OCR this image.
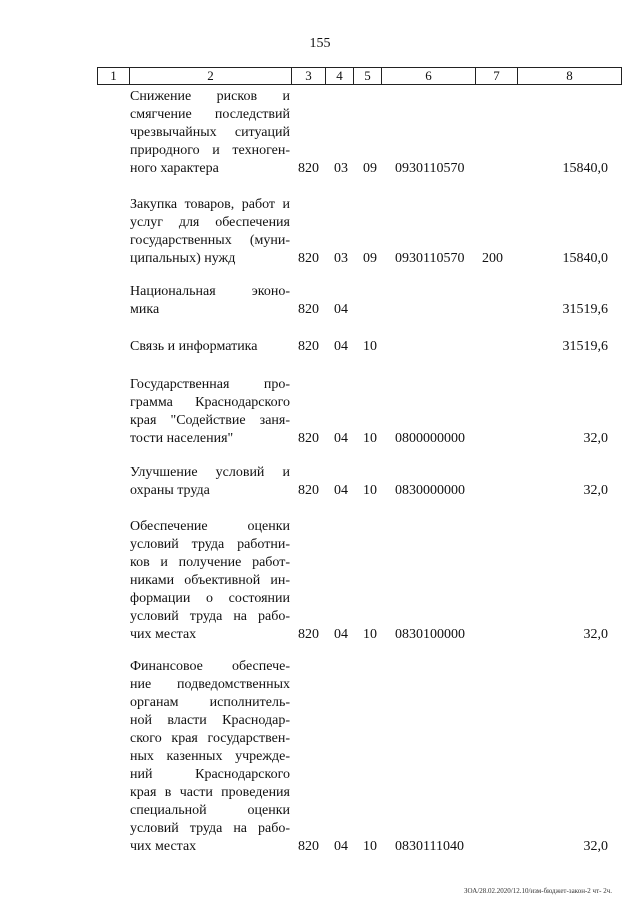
155
1	2	3	4	5	6	7	8
Снижение рисков и
смягчение последствий
чрезвычайных ситуаций
природного и техноген-
ного характера	820 03 09 0930110570	15840,0
Закупка товаров, работ и
услуг для обеспечения
государственных (муни-
ципальных) нужд	820 03 09 0930110570 200	15840,0
Национальная эконо-
мика	820 04	31519,6
Связь и информатика	820 04 10	31519,6
Государственная про-
грамма Краснодарского
края "Содействие заня-
тости населения"	820 04 10 0800000000	32,0
Улучшение условий и
охраны труда	820 04 10 0830000000	32,0
Обеспечение оценки
условий труда работни-
ков и получение работ-
никами объективной ин-
формации о состоянии
условий труда на рабо-
чих местах	820 04 10 0830100000	32,0
Финансовое обеспече-
ние подведомственных
органам исполнитель-
ной власти Краснодар-
ского края государствен-
ных казенных учрежде-
ний Краснодарского
края в части проведения
специальной оценки
условий труда на рабо-
чих местах	820 04 10 0830111040	32,0
ЗОА/28.02.2020/12.10/изм-бюджет-закон-2 чт- 2ч.
